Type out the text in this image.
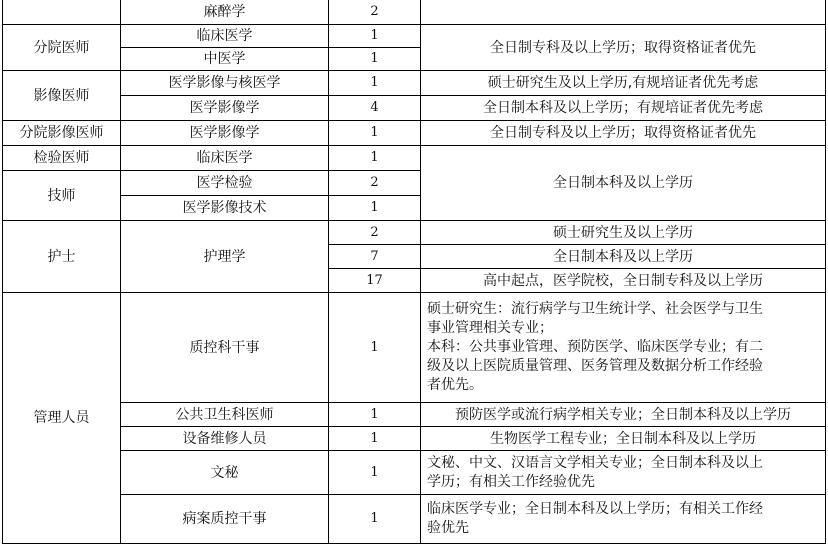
	麻醉学	2	
分院医师	临床医学	1	全日制专科及以上学历；取得资格证者优先
	中医学	1	
影像医师	医学影像与核医学	1	硕士研究生及以上学历,有规培证者优先考虑
	医学影像学	4	全日制本科及以上学历；有规培证者优先考虑
分院影像医师	医学影像学	1	全日制专科及以上学历；取得资格证者优先
检验医师	临床医学	1	全日制本科及以上学历
技师	医学检验	2	
	医学影像技术	1	
护士	护理学	2	硕士研究生及以上学历
		7	全日制本科及以上学历
		17	高中起点，医学院校，全日制专科及以上学历
管理人员	质控科干事	1	硕士研究生：流行病学与卫生统计学、社会医学与卫生
事业管理相关专业；
本科：公共事业管理、预防医学、临床医学专业；有二
级及以上医院质量管理、医务管理及数据分析工作经验
者优先。

	公共卫生科医师	1	预防医学或流行病学相关专业；全日制本科及以上学历
	设备维修人员	1	生物医学工程专业；全日制本科及以上学历
	文秘	1	文秘、中文、汉语言文学相关专业；全日制本科及以上
学历；有相关工作经验优先

	病案质控干事	1	临床医学专业；全日制本科及以上学历；有相关工作经
验优先
